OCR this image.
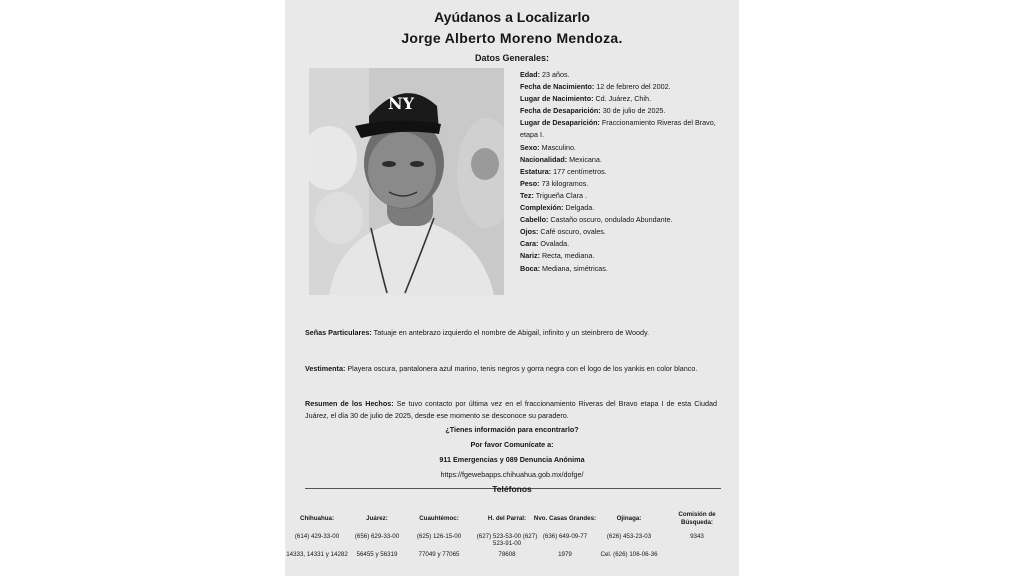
Ayúdanos a Localizarlo
Jorge Alberto Moreno Mendoza.
Datos Generales:
NY
Edad: 23 años.
Fecha de Nacimiento: 12 de febrero del 2002.
Lugar de Nacimiento: Cd. Juárez, Chih.
Fecha de Desaparición: 30 de julio de 2025.
Lugar de Desaparición: Fraccionamiento Riveras del Bravo, etapa I.
Sexo: Masculino.
Nacionalidad: Mexicana.
Estatura: 177 centímetros.
Peso: 73 kilogramos.
Tez: Trigueña Clara .
Complexión: Delgada.
Cabello: Castaño oscuro, ondulado Abundante.
Ojos: Café oscuro, ovales.
Cara: Ovalada.
Nariz: Recta, mediana.
Boca: Mediana, simétricas.
Señas Particulares: Tatuaje en antebrazo izquierdo el nombre de Abigail, infinito y un steinbrero de Woody.
Vestimenta: Playera oscura, pantalonera azul marino, tenis negros y gorra negra con el logo de los yankis en color blanco.
Resumen de los Hechos: Se tuvo contacto por última vez en el fraccionamiento Riveras del Bravo etapa I de esta Ciudad Juárez, el día 30 de julio de 2025, desde ese momento se desconoce su paradero.
¿Tienes información para encontrarlo?
Por favor Comunícate a:
911 Emergencias y 089 Denuncia Anónima
https://fgewebapps.chihuahua.gob.mx/dofge/
Teléfonos
Chihuahua:
(614) 429-33-00
14333, 14331 y 14282
Juárez:
(656) 629-33-00
56455 y 56319
Cuauhtémoc:
(625) 126-15-00
77049 y 77065
H. del Parral:
(627) 523-53-00 (627) 523-91-00
78608
Nvo. Casas Grandes:
(636) 649-09-77
1979
Ojinaga:
(626) 453-23-03
Cel. (626) 106-06-36
Comisión de Búsqueda:
9343
